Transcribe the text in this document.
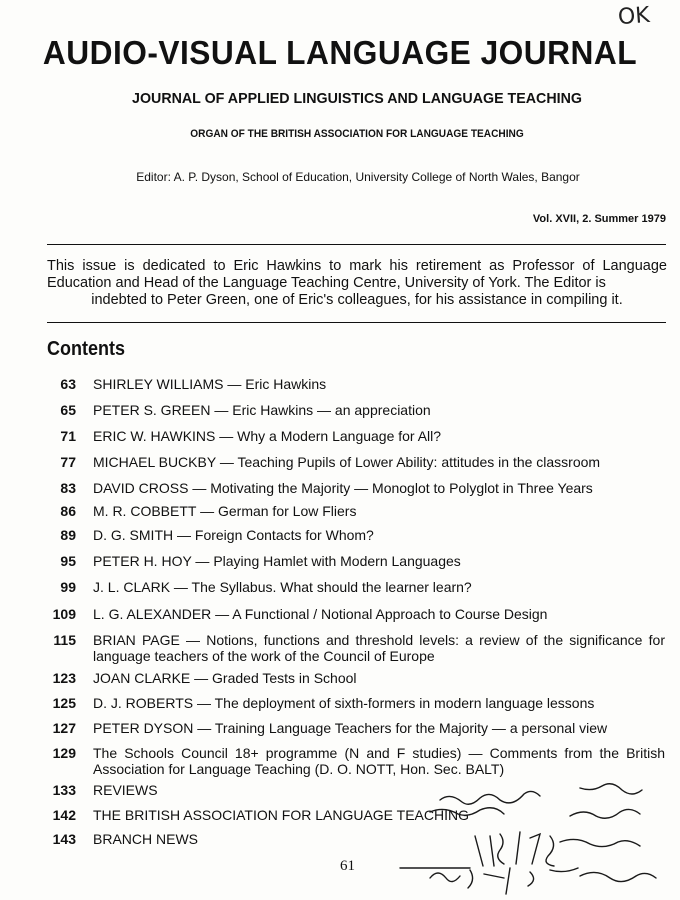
OK
AUDIO-VISUAL LANGUAGE JOURNAL
JOURNAL OF APPLIED LINGUISTICS AND LANGUAGE TEACHING
ORGAN OF THE BRITISH ASSOCIATION FOR LANGUAGE TEACHING
Editor: A. P. Dyson, School of Education, University College of North Wales, Bangor
Vol. XVII, 2. Summer 1979
This issue is dedicated to Eric Hawkins to mark his retirement as Professor of Language Education and Head of the Language Teaching Centre, University of York. The Editor is
indebted to Peter Green, one of Eric's colleagues, for his assistance in compiling it.
Contents
63 SHIRLEY WILLIAMS — Eric Hawkins
65 PETER S. GREEN — Eric Hawkins — an appreciation
71 ERIC W. HAWKINS — Why a Modern Language for All?
77 MICHAEL BUCKBY — Teaching Pupils of Lower Ability: attitudes in the classroom
83 DAVID CROSS — Motivating the Majority — Monoglot to Polyglot in Three Years
86 M. R. COBBETT — German for Low Fliers
89 D. G. SMITH — Foreign Contacts for Whom?
95 PETER H. HOY — Playing Hamlet with Modern Languages
99 J. L. CLARK — The Syllabus. What should the learner learn?
109 L. G. ALEXANDER — A Functional / Notional Approach to Course Design
115 BRIAN PAGE — Notions, functions and threshold levels: a review of the significance for language teachers of the work of the Council of Europe
123 JOAN CLARKE — Graded Tests in School
125 D. J. ROBERTS — The deployment of sixth-formers in modern language lessons
127 PETER DYSON — Training Language Teachers for the Majority — a personal view
129 The Schools Council 18+ programme (N and F studies) — Comments from the British Association for Language Teaching (D. O. NOTT, Hon. Sec. BALT)
133 REVIEWS
142 THE BRITISH ASSOCIATION FOR LANGUAGE TEACHING
143 BRANCH NEWS
61
